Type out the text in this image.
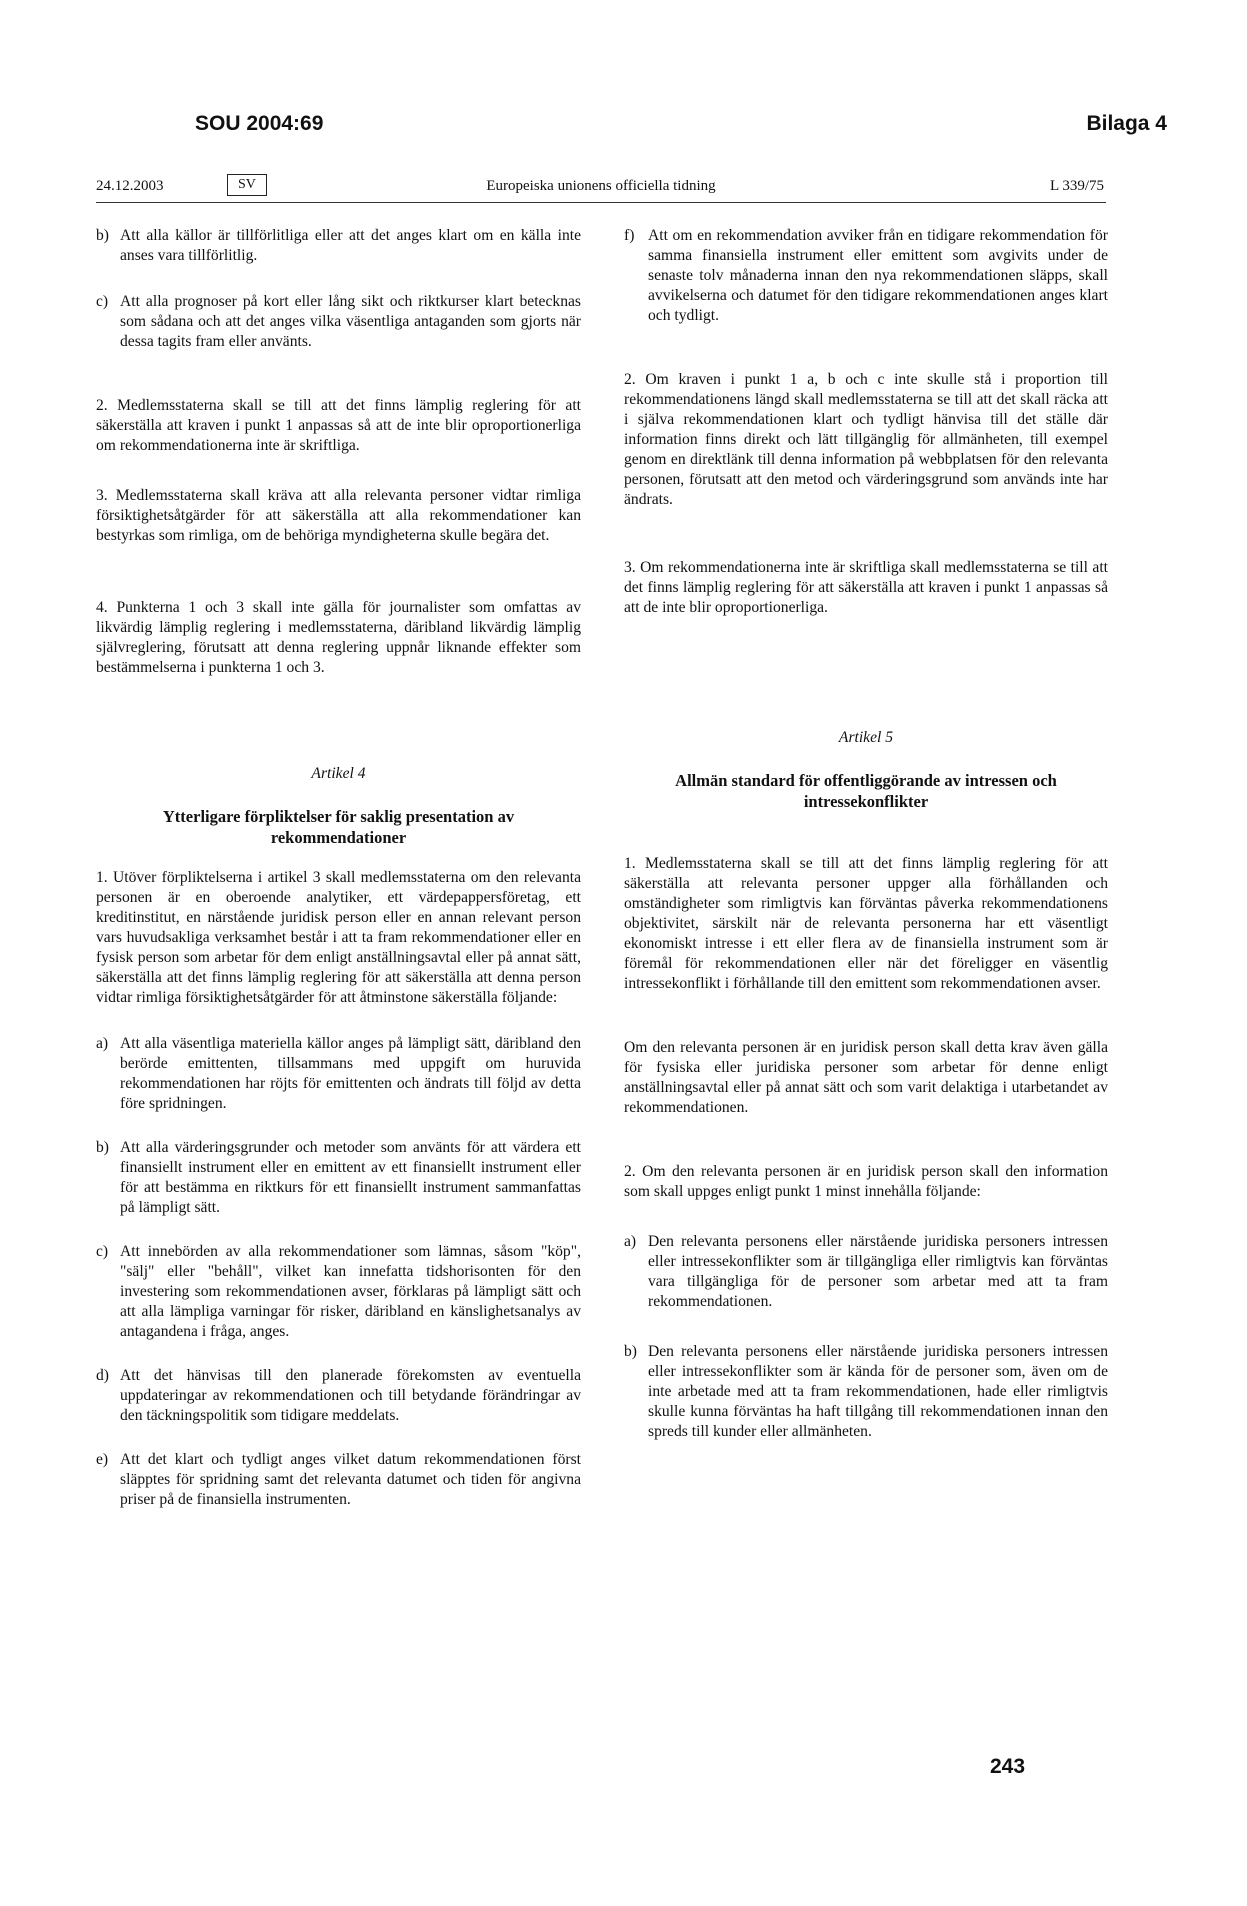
SOU 2004:69	Bilaga 4
24.12.2003	SV	Europeiska unionens officiella tidning	L 339/75
b) Att alla källor är tillförlitliga eller att det anges klart om en källa inte anses vara tillförlitlig.
c) Att alla prognoser på kort eller lång sikt och riktkurser klart betecknas som sådana och att det anges vilka väsentliga antaganden som gjorts när dessa tagits fram eller använts.

2. Medlemsstaterna skall se till att det finns lämplig reglering för att säkerställa att kraven i punkt 1 anpassas så att de inte blir oproportionerliga om rekommendationerna inte är skriftliga.

3. Medlemsstaterna skall kräva att alla relevanta personer vidtar rimliga försiktighetsåtgärder för att säkerställa att alla rekommendationer kan bestyrkas som rimliga, om de behöriga myndigheterna skulle begära det.

4. Punkterna 1 och 3 skall inte gälla för journalister som omfattas av likvärdig lämplig reglering i medlemsstaterna, däribland likvärdig lämplig självreglering, förutsatt att denna reglering uppnår liknande effekter som bestämmelserna i punkterna 1 och 3.

Artikel 4

Ytterligare förpliktelser för saklig presentation av rekommendationer

1. Utöver förpliktelserna i artikel 3 skall medlemsstaterna om den relevanta personen är en oberoende analytiker, ett värdepappersföretag, ett kreditinstitut, en närstående juridisk person eller en annan relevant person vars huvudsakliga verksamhet består i att ta fram rekommendationer eller en fysisk person som arbetar för dem enligt anställningsavtal eller på annat sätt, säkerställa att det finns lämplig reglering för att säkerställa att denna person vidtar rimliga försiktighetsåtgärder för att åtminstone säkerställa följande:

a) Att alla väsentliga materiella källor anges på lämpligt sätt, däribland den berörde emittenten, tillsammans med uppgift om huruvida rekommendationen har röjts för emittenten och ändrats till följd av detta före spridningen.
b) Att alla värderingsgrunder och metoder som använts för att värdera ett finansiellt instrument eller en emittent av ett finansiellt instrument eller för att bestämma en riktkurs för ett finansiellt instrument sammanfattas på lämpligt sätt.
c) Att innebörden av alla rekommendationer som lämnas, såsom "köp", "sälj" eller "behåll", vilket kan innefatta tidshorisonten för den investering som rekommendationen avser, förklaras på lämpligt sätt och att alla lämpliga varningar för risker, däribland en känslighetsanalys av antagandena i fråga, anges.
d) Att det hänvisas till den planerade förekomsten av eventuella uppdateringar av rekommendationen och till betydande förändringar av den täckningspolitik som tidigare meddelats.
e) Att det klart och tydligt anges vilket datum rekommendationen först släpptes för spridning samt det relevanta datumet och tiden för angivna priser på de finansiella instrumenten.
f) Att om en rekommendation avviker från en tidigare rekommendation för samma finansiella instrument eller emittent som avgivits under de senaste tolv månaderna innan den nya rekommendationen släpps, skall avvikelserna och datumet för den tidigare rekommendationen anges klart och tydligt.

2. Om kraven i punkt 1 a, b och c inte skulle stå i proportion till rekommendationens längd skall medlemsstaterna se till att det skall räcka att i själva rekommendationen klart och tydligt hänvisa till det ställe där information finns direkt och lätt tillgänglig för allmänheten, till exempel genom en direktlänk till denna information på webbplatsen för den relevanta personen, förutsatt att den metod och värderingsgrund som används inte har ändrats.

3. Om rekommendationerna inte är skriftliga skall medlemsstaterna se till att det finns lämplig reglering för att säkerställa att kraven i punkt 1 anpassas så att de inte blir oproportionerliga.

Artikel 5

Allmän standard för offentliggörande av intressen och intressekonflikter

1. Medlemsstaterna skall se till att det finns lämplig reglering för att säkerställa att relevanta personer uppger alla förhållanden och omständigheter som rimligtvis kan förväntas påverka rekommendationens objektivitet, särskilt när de relevanta personerna har ett väsentligt ekonomiskt intresse i ett eller flera av de finansiella instrument som är föremål för rekommendationen eller när det föreligger en väsentlig intressekonflikt i förhållande till den emittent som rekommendationen avser.

Om den relevanta personen är en juridisk person skall detta krav även gälla för fysiska eller juridiska personer som arbetar för denne enligt anställningsavtal eller på annat sätt och som varit delaktiga i utarbetandet av rekommendationen.

2. Om den relevanta personen är en juridisk person skall den information som skall uppges enligt punkt 1 minst innehålla följande:

a) Den relevanta personens eller närstående juridiska personers intressen eller intressekonflikter som är tillgängliga eller rimligtvis kan förväntas vara tillgängliga för de personer som arbetar med att ta fram rekommendationen.
b) Den relevanta personens eller närstående juridiska personers intressen eller intressekonflikter som är kända för de personer som, även om de inte arbetade med att ta fram rekommendationen, hade eller rimligtvis skulle kunna förväntas ha haft tillgång till rekommendationen innan den spreds till kunder eller allmänheten.
243
